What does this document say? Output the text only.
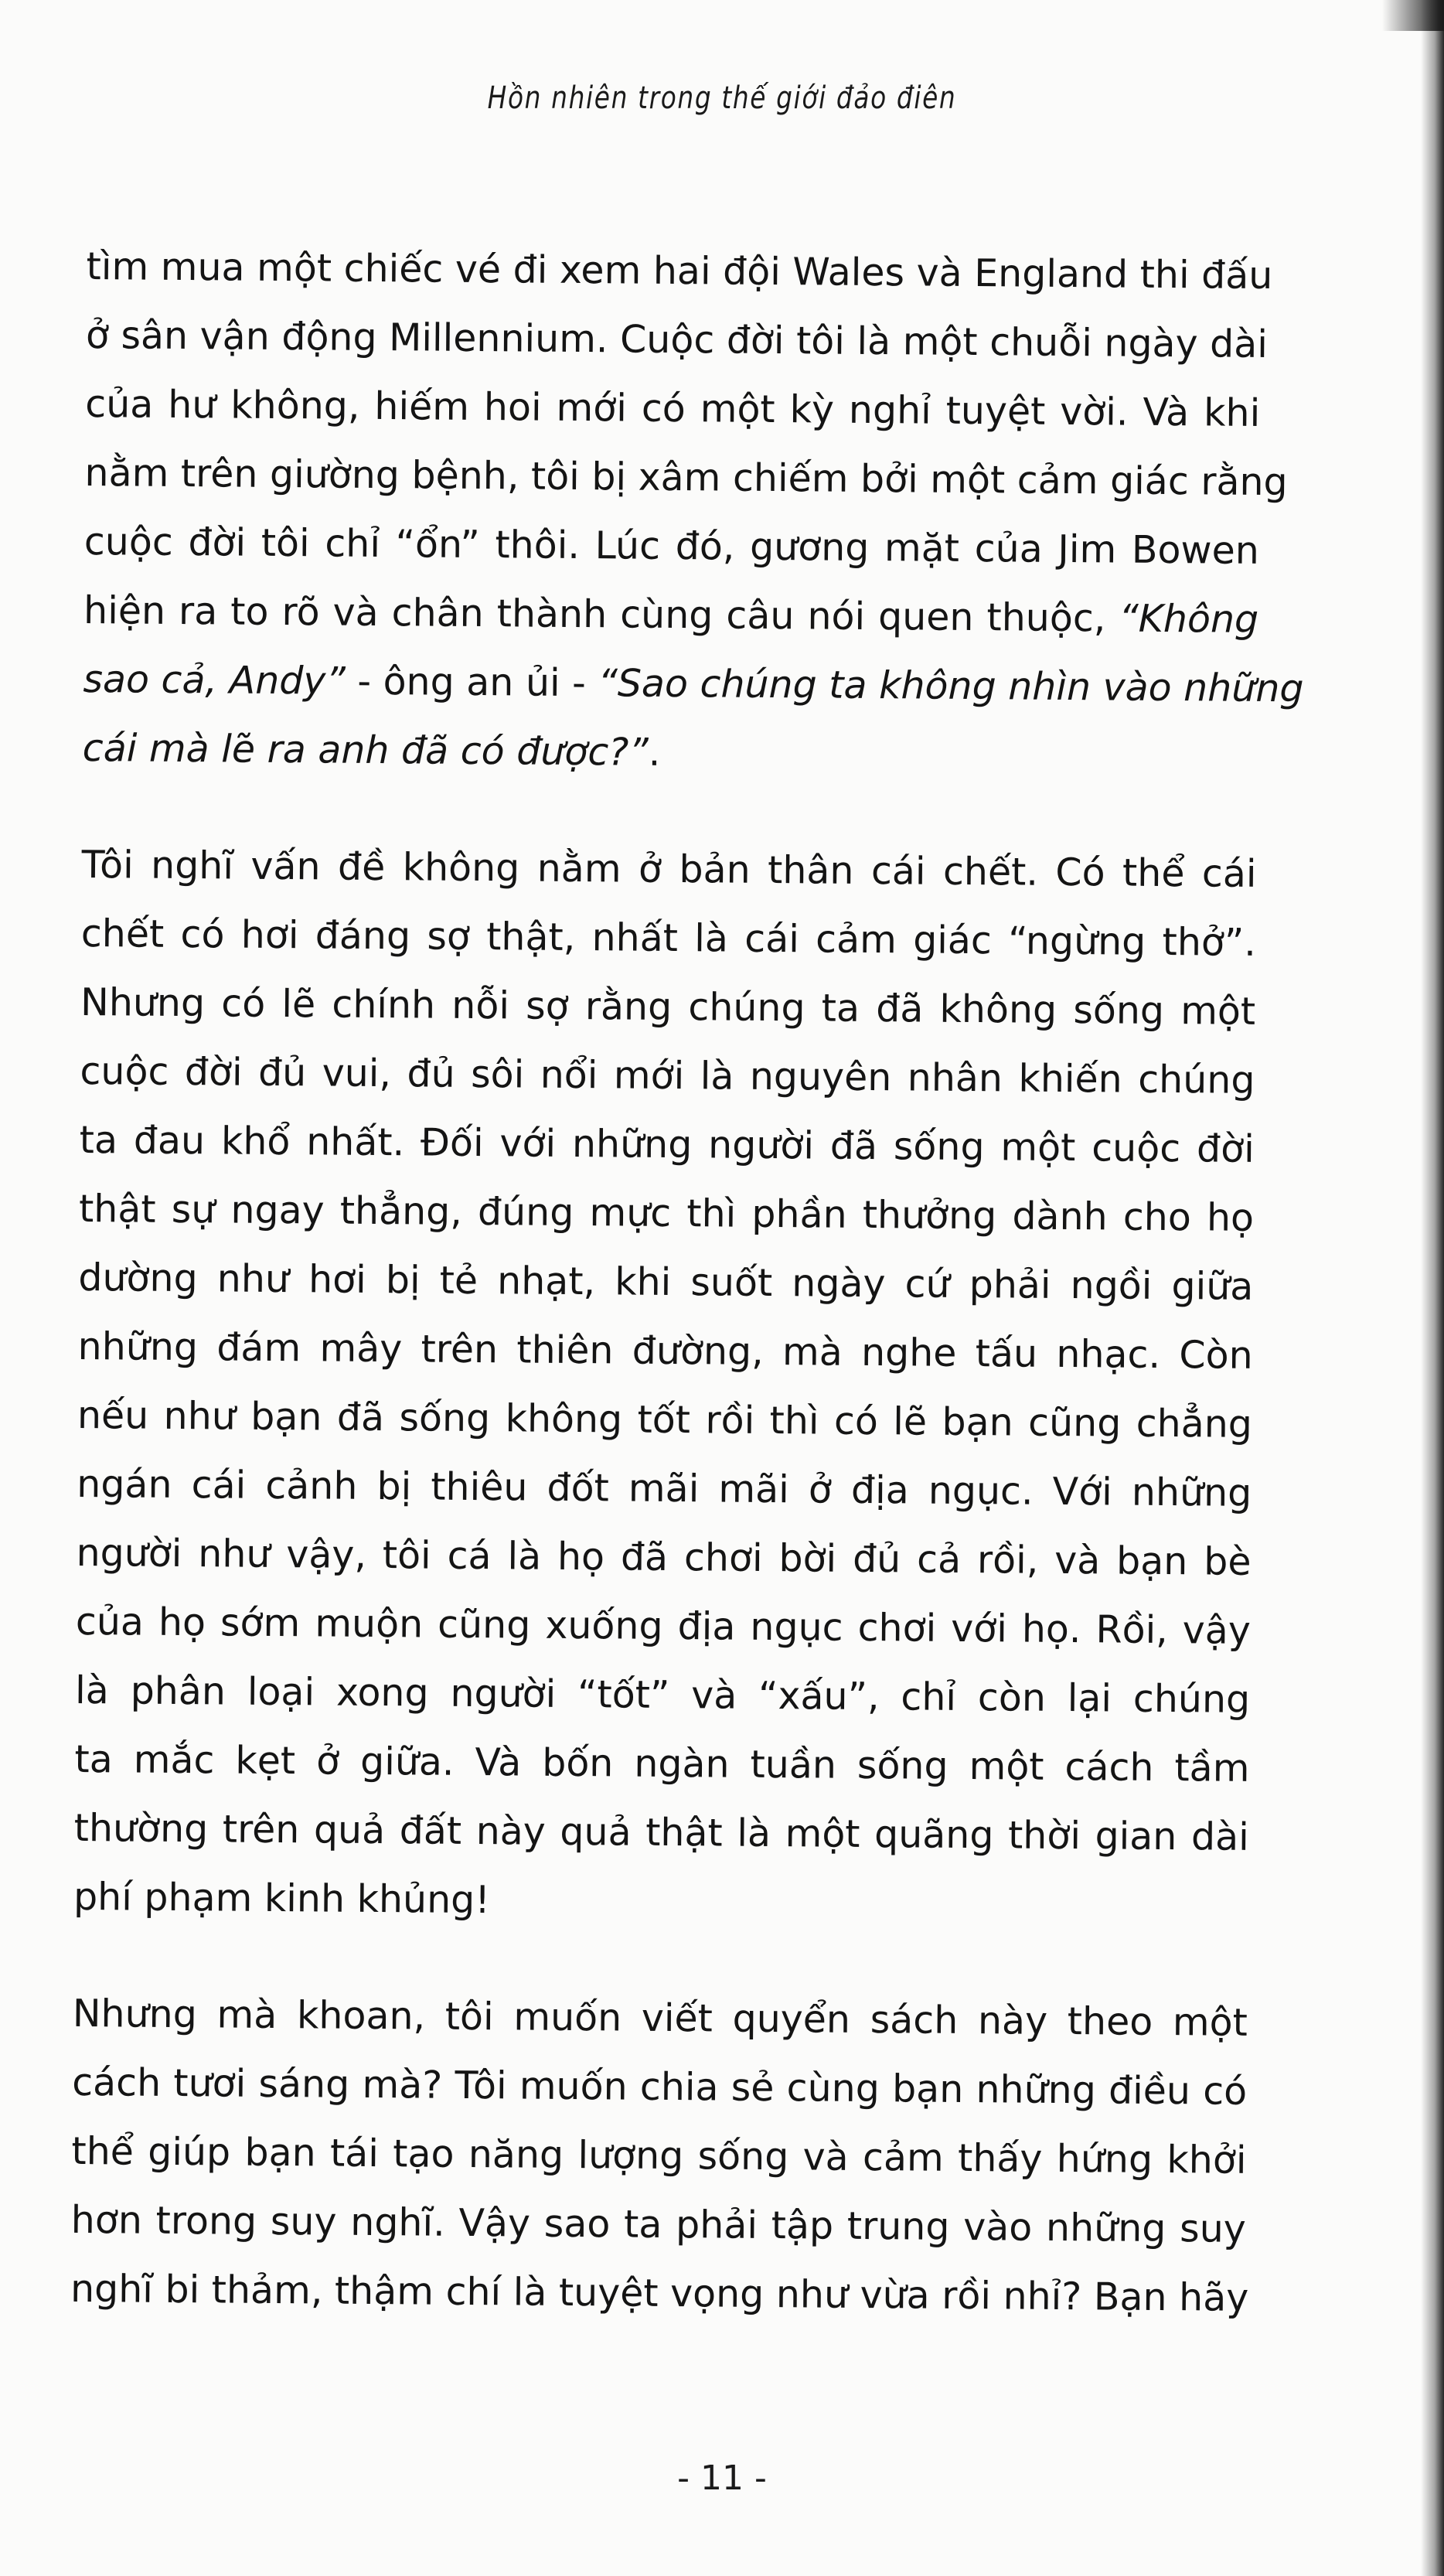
Hồn nhiên trong thế giới đảo điên
tìm mua một chiếc vé đi xem hai đội Wales và England thi đấu
ở sân vận động Millennium. Cuộc đời tôi là một chuỗi ngày dài
của hư không, hiếm hoi mới có một kỳ nghỉ tuyệt vời. Và khi
nằm trên giường bệnh, tôi bị xâm chiếm bởi một cảm giác rằng
cuộc đời tôi chỉ “ổn” thôi. Lúc đó, gương mặt của Jim Bowen
hiện ra to rõ và chân thành cùng câu nói quen thuộc, “Không
sao cả, Andy” - ông an ủi - “Sao chúng ta không nhìn vào những
cái mà lẽ ra anh đã có được?”.
Tôi nghĩ vấn đề không nằm ở bản thân cái chết. Có thể cái
chết có hơi đáng sợ thật, nhất là cái cảm giác “ngừng thở”.
Nhưng có lẽ chính nỗi sợ rằng chúng ta đã không sống một
cuộc đời đủ vui, đủ sôi nổi mới là nguyên nhân khiến chúng
ta đau khổ nhất. Đối với những người đã sống một cuộc đời
thật sự ngay thẳng, đúng mực thì phần thưởng dành cho họ
dường như hơi bị tẻ nhạt, khi suốt ngày cứ phải ngồi giữa
những đám mây trên thiên đường, mà nghe tấu nhạc. Còn
nếu như bạn đã sống không tốt rồi thì có lẽ bạn cũng chẳng
ngán cái cảnh bị thiêu đốt mãi mãi ở địa ngục. Với những
người như vậy, tôi cá là họ đã chơi bời đủ cả rồi, và bạn bè
của họ sớm muộn cũng xuống địa ngục chơi với họ. Rồi, vậy
là phân loại xong người “tốt” và “xấu”, chỉ còn lại chúng
ta mắc kẹt ở giữa. Và bốn ngàn tuần sống một cách tầm
thường trên quả đất này quả thật là một quãng thời gian dài
phí phạm kinh khủng!
Nhưng mà khoan, tôi muốn viết quyển sách này theo một
cách tươi sáng mà? Tôi muốn chia sẻ cùng bạn những điều có
thể giúp bạn tái tạo năng lượng sống và cảm thấy hứng khởi
hơn trong suy nghĩ. Vậy sao ta phải tập trung vào những suy
nghĩ bi thảm, thậm chí là tuyệt vọng như vừa rồi nhỉ? Bạn hãy
- 11 -
